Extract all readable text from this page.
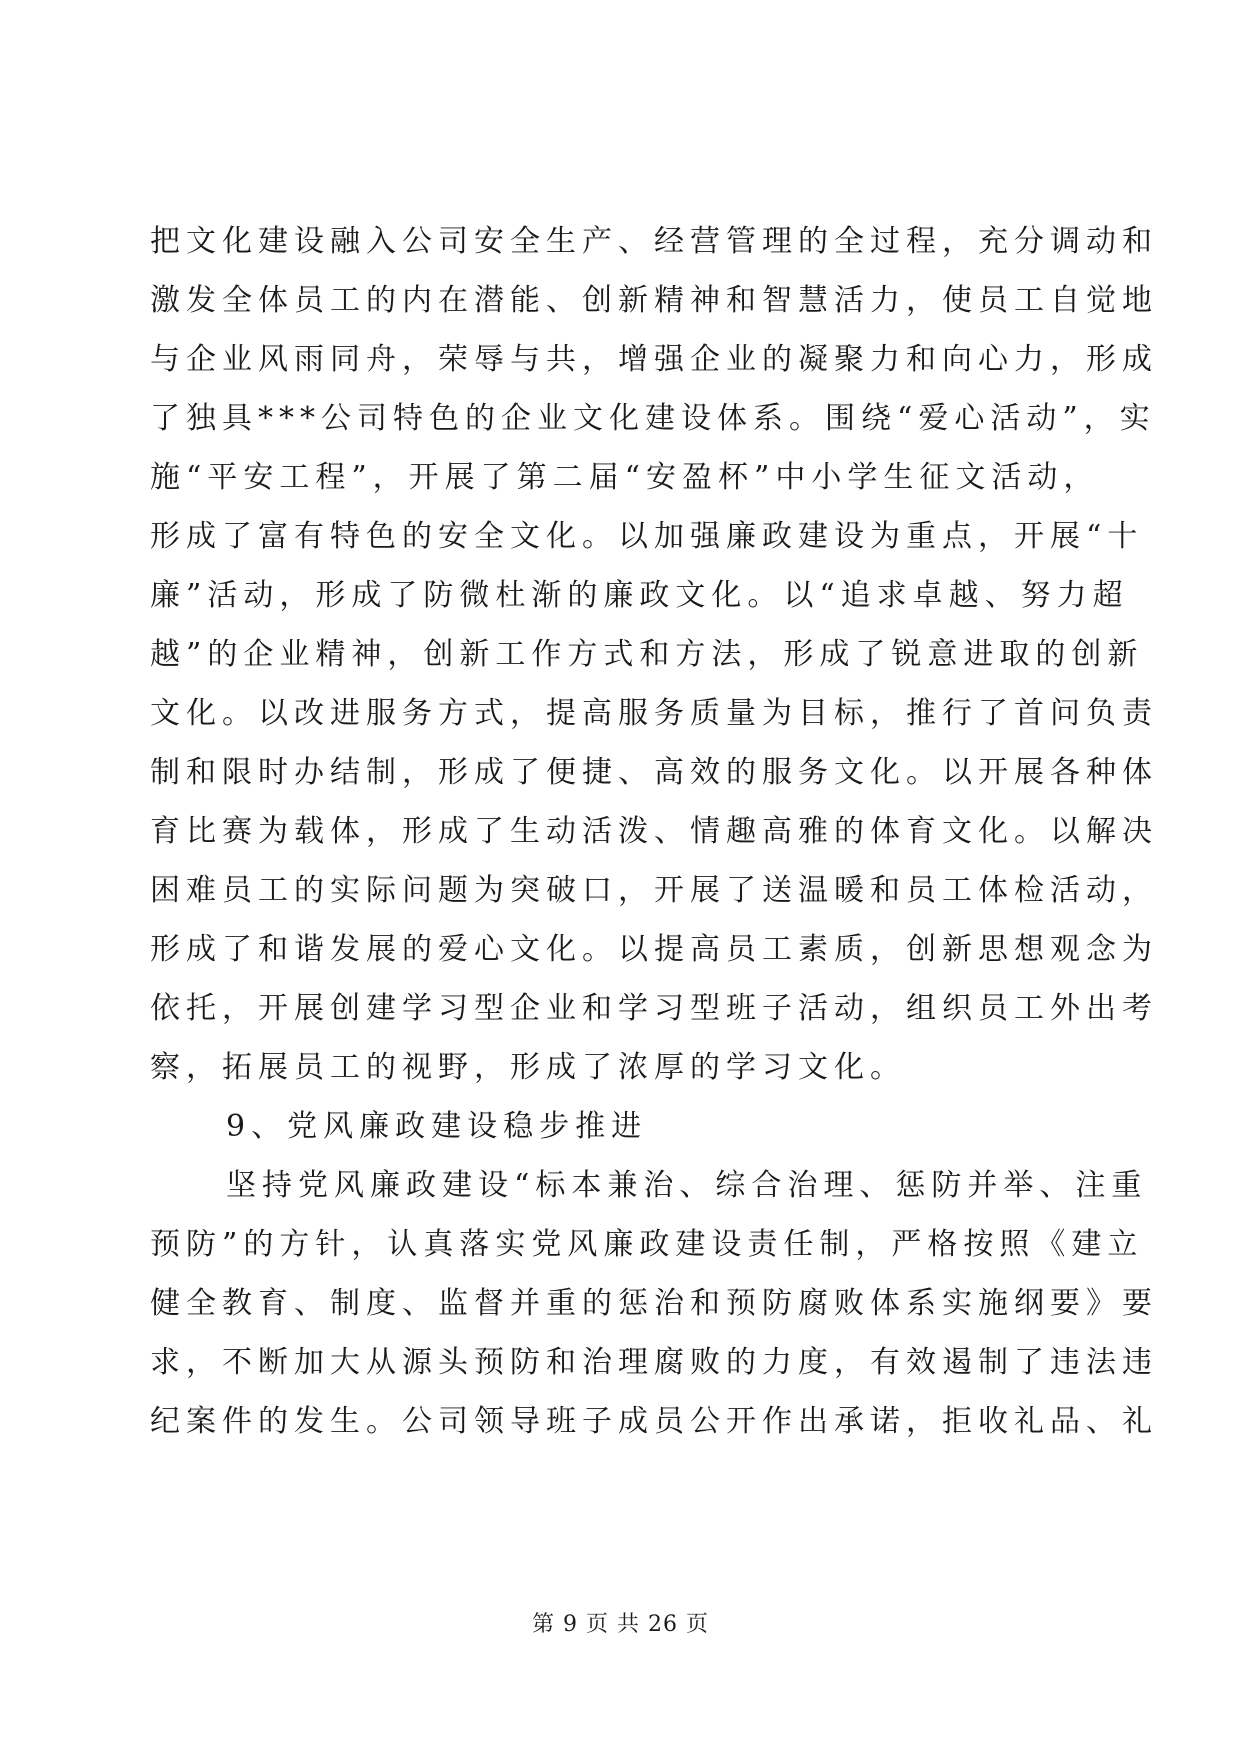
把文化建设融入公司安全生产、经营管理的全过程，充分调动和
激发全体员工的内在潜能、创新精神和智慧活力，使员工自觉地
与企业风雨同舟，荣辱与共，增强企业的凝聚力和向心力，形成
了独具***公司特色的企业文化建设体系。围绕“爱心活动”，实
施“平安工程”，开展了第二届“安盈杯”中小学生征文活动，
形成了富有特色的安全文化。以加强廉政建设为重点，开展“十
廉”活动，形成了防微杜渐的廉政文化。以“追求卓越、努力超
越”的企业精神，创新工作方式和方法，形成了锐意进取的创新
文化。以改进服务方式，提高服务质量为目标，推行了首问负责
制和限时办结制，形成了便捷、高效的服务文化。以开展各种体
育比赛为载体，形成了生动活泼、情趣高雅的体育文化。以解决
困难员工的实际问题为突破口，开展了送温暖和员工体检活动，
形成了和谐发展的爱心文化。以提高员工素质，创新思想观念为
依托，开展创建学习型企业和学习型班子活动，组织员工外出考
察，拓展员工的视野，形成了浓厚的学习文化。
9、党风廉政建设稳步推进
坚持党风廉政建设“标本兼治、综合治理、惩防并举、注重
预防”的方针，认真落实党风廉政建设责任制，严格按照《建立
健全教育、制度、监督并重的惩治和预防腐败体系实施纲要》要
求，不断加大从源头预防和治理腐败的力度，有效遏制了违法违
纪案件的发生。公司领导班子成员公开作出承诺，拒收礼品、礼
第 9 页 共 26 页
